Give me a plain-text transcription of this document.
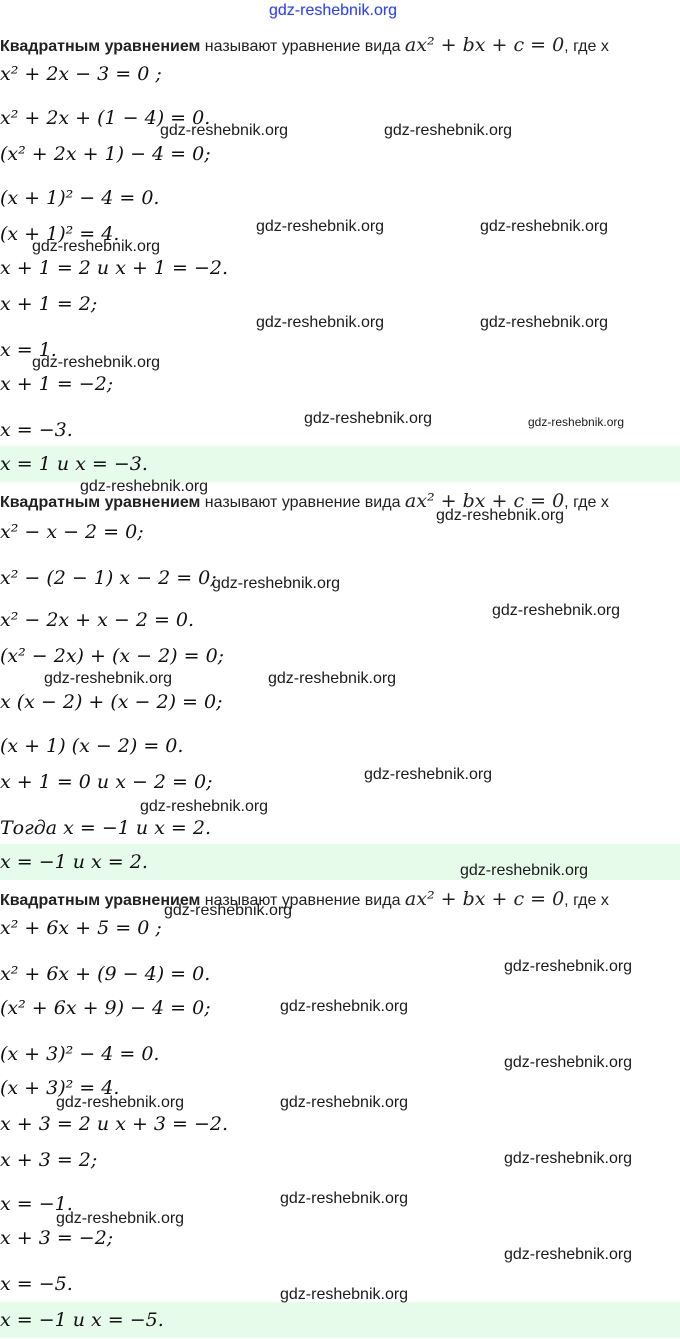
gdz-reshebnik.org
Квадратным уравнением называют уравнение вида ax² + bx + c = 0, где x
x² + 2x − 3 = 0 ;
x² + 2x + (1 − 4) = 0.
(x² + 2x + 1) − 4 = 0;
(x + 1)² − 4 = 0.
(x + 1)² = 4.
x + 1 = 2 и x + 1 = −2.
x + 1 = 2;
x = 1.
x + 1 = −2;
x = −3.
x = 1 и x = −3.
Квадратным уравнением называют уравнение вида ax² + bx + c = 0, где x
x² − x − 2 = 0;
x² − (2 − 1) x − 2 = 0;
x² − 2x + x − 2 = 0.
(x² − 2x) + (x − 2) = 0;
x (x − 2) + (x − 2) = 0;
(x + 1) (x − 2) = 0.
x + 1 = 0 и x − 2 = 0;
Тогда x = −1 и x = 2.
x = −1 и x = 2.
Квадратным уравнением называют уравнение вида ax² + bx + c = 0, где x
x² + 6x + 5 = 0 ;
x² + 6x + (9 − 4) = 0.
(x² + 6x + 9) − 4 = 0;
(x + 3)² − 4 = 0.
(x + 3)² = 4.
x + 3 = 2 и x + 3 = −2.
x + 3 = 2;
x = −1.
x + 3 = −2;
x = −5.
x = −1 и x = −5.
gdz-reshebnik.org	gdz-reshebnik.org
gdz-reshebnik.org	gdz-reshebnik.org
gdz-reshebnik.org
gdz-reshebnik.org	gdz-reshebnik.org
gdz-reshebnik.org
gdz-reshebnik.org	gdz-reshebnik.org
gdz-reshebnik.org
gdz-reshebnik.org
gdz-reshebnik.org
gdz-reshebnik.org
gdz-reshebnik.org	gdz-reshebnik.org
gdz-reshebnik.org
gdz-reshebnik.org
gdz-reshebnik.org
gdz-reshebnik.org
gdz-reshebnik.org
gdz-reshebnik.org
gdz-reshebnik.org
gdz-reshebnik.org	gdz-reshebnik.org
gdz-reshebnik.org
gdz-reshebnik.org
gdz-reshebnik.org
gdz-reshebnik.org
gdz-reshebnik.org
